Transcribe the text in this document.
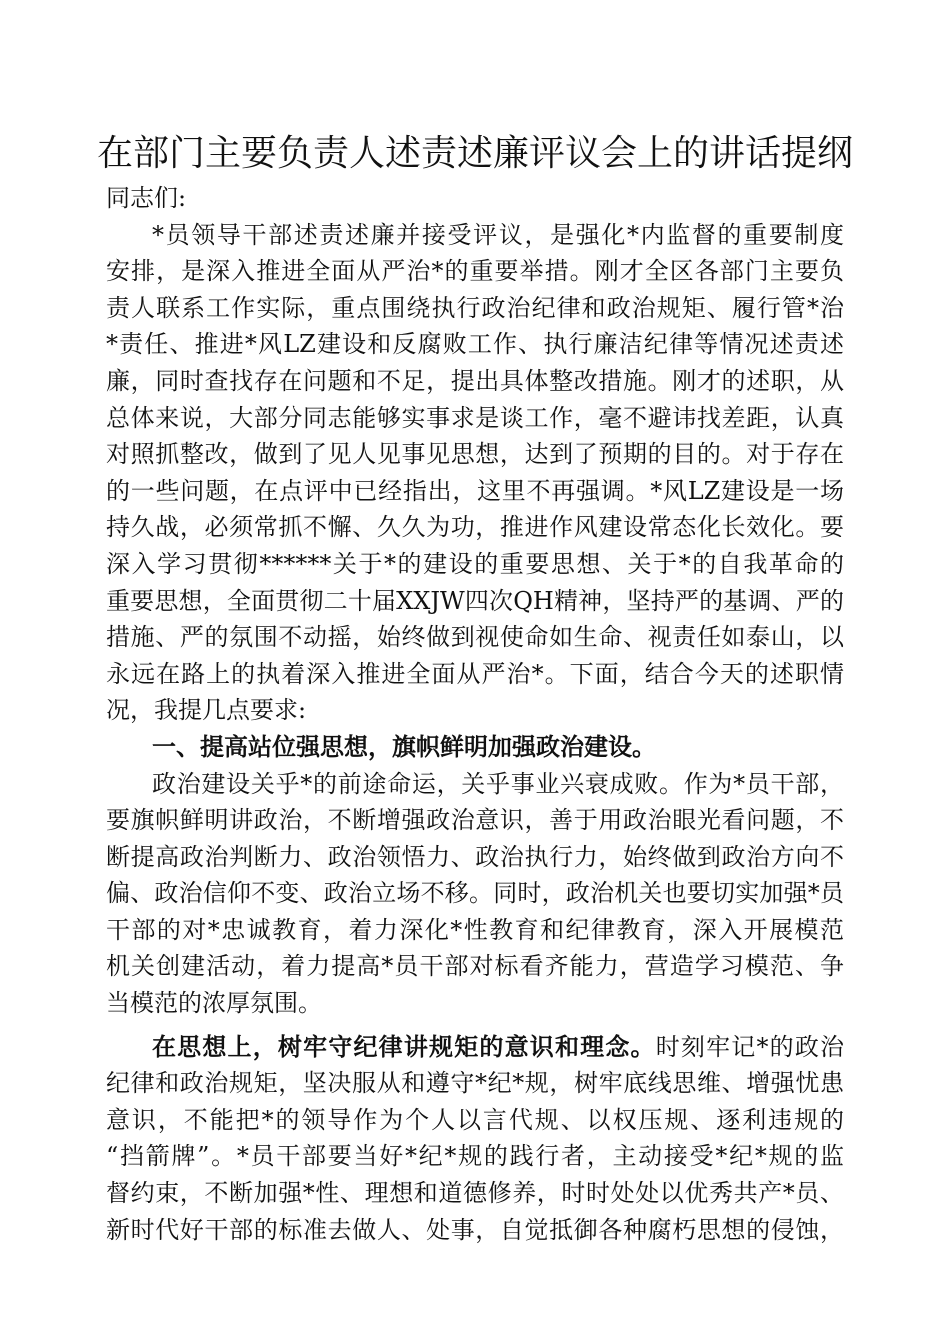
在部门主要负责人述责述廉评议会上的讲话提纲
同志们:
*员领导干部述责述廉并接受评议，是强化*内监督的重要制度
安排，是深入推进全面从严治*的重要举措。刚才全区各部门主要负
责人联系工作实际，重点围绕执行政治纪律和政治规矩、履行管*治
*责任、推进*风LZ建设和反腐败工作、执行廉洁纪律等情况述责述
廉，同时查找存在问题和不足，提出具体整改措施。刚才的述职，从
总体来说，大部分同志能够实事求是谈工作，毫不避讳找差距，认真
对照抓整改，做到了见人见事见思想，达到了预期的目的。对于存在
的一些问题，在点评中已经指出，这里不再强调。*风LZ建设是一场
持久战，必须常抓不懈、久久为功，推进作风建设常态化长效化。要
深入学习贯彻******关于*的建设的重要思想、关于*的自我革命的
重要思想，全面贯彻二十届XXJW四次QH精神，坚持严的基调、严的
措施、严的氛围不动摇，始终做到视使命如生命、视责任如泰山，以
永远在路上的执着深入推进全面从严治*。下面，结合今天的述职情
况，我提几点要求:
一、提高站位强思想，旗帜鲜明加强政治建设。
政治建设关乎*的前途命运，关乎事业兴衰成败。作为*员干部，
要旗帜鲜明讲政治，不断增强政治意识，善于用政治眼光看问题，不
断提高政治判断力、政治领悟力、政治执行力，始终做到政治方向不
偏、政治信仰不变、政治立场不移。同时，政治机关也要切实加强*员
干部的对*忠诚教育，着力深化*性教育和纪律教育，深入开展模范
机关创建活动，着力提高*员干部对标看齐能力，营造学习模范、争
当模范的浓厚氛围。
在思想上，树牢守纪律讲规矩的意识和理念。时刻牢记*的政治
纪律和政治规矩，坚决服从和遵守*纪*规，树牢底线思维、增强忧患
意识，不能把*的领导作为个人以言代规、以权压规、逐利违规的
“挡箭牌”。*员干部要当好*纪*规的践行者，主动接受*纪*规的监
督约束，不断加强*性、理想和道德修养，时时处处以优秀共产*员、
新时代好干部的标准去做人、处事，自觉抵御各种腐朽思想的侵蚀，
